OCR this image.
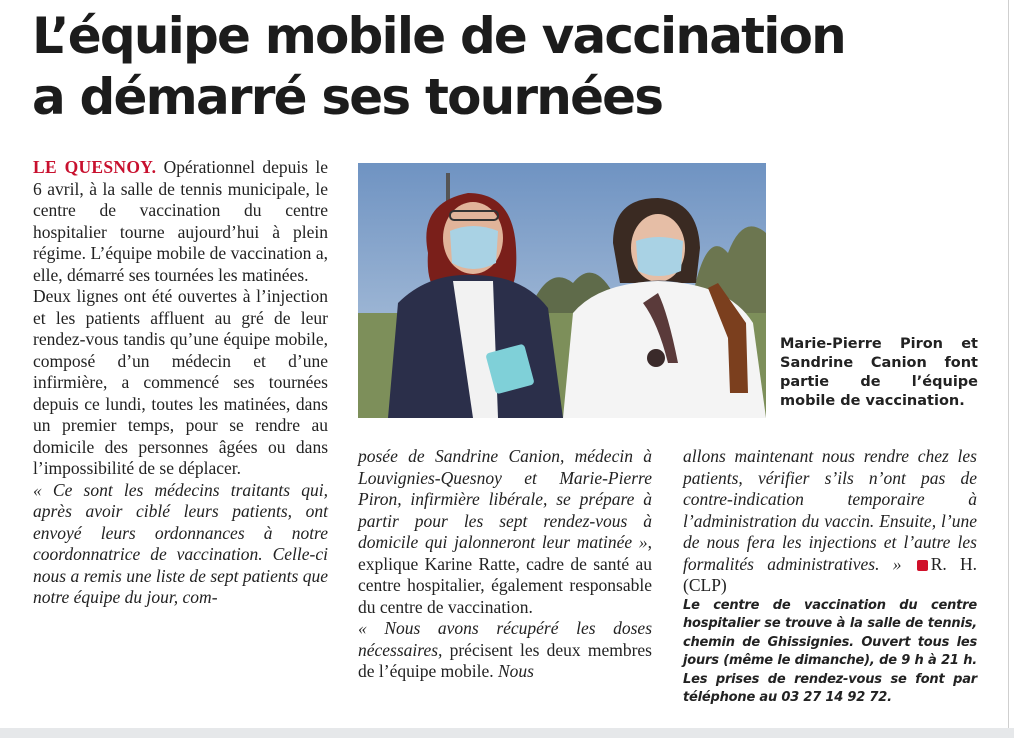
L’équipe mobile de vaccination
a démarré ses tournées

LE QUESNOY. Opérationnel depuis le 6 avril, à la salle de tennis municipale, le centre de vaccination du centre hospitalier tourne aujourd’hui à plein régime. L’équipe mobile de vaccination a, elle, démarré ses tournées les matinées.

Deux lignes ont été ouvertes à l’injection et les patients affluent au gré de leur rendez-vous tandis qu’une équipe mobile, composé d’un médecin et d’une infirmière, a commencé ses tournées depuis ce lundi, toutes les matinées, dans un premier temps, pour se rendre au domicile des personnes âgées ou dans l’impossibilité de se déplacer.

« Ce sont les médecins traitants qui, après avoir ciblé leurs patients, ont envoyé leurs ordonnances à notre coordonnatrice de vaccination. Celle-ci nous a remis une liste de sept patients que notre équipe du jour, com-

Marie-Pierre Piron et Sandrine Canion font partie de l’équipe mobile de vaccination.

posée de Sandrine Canion, médecin à Louvignies-Quesnoy et Marie-Pierre Piron, infirmière libérale, se prépare à partir pour les sept rendez-vous à domicile qui jalonneront leur matinée », explique Karine Ratte, cadre de santé au centre hospitalier, également responsable du centre de vaccination.

« Nous avons récupéré les doses nécessaires, précisent les deux membres de l’équipe mobile. Nous

allons maintenant nous rendre chez les patients, vérifier s’ils n’ont pas de contre-indication temporaire à l’administration du vaccin. Ensuite, l’une de nous fera les injections et l’autre les formalités administratives. » R. H. (CLP)

Le centre de vaccination du centre hospitalier se trouve à la salle de tennis, chemin de Ghissignies. Ouvert tous les jours (même le dimanche), de 9 h à 21 h. Les prises de rendez-vous se font par téléphone au 03 27 14 92 72.
